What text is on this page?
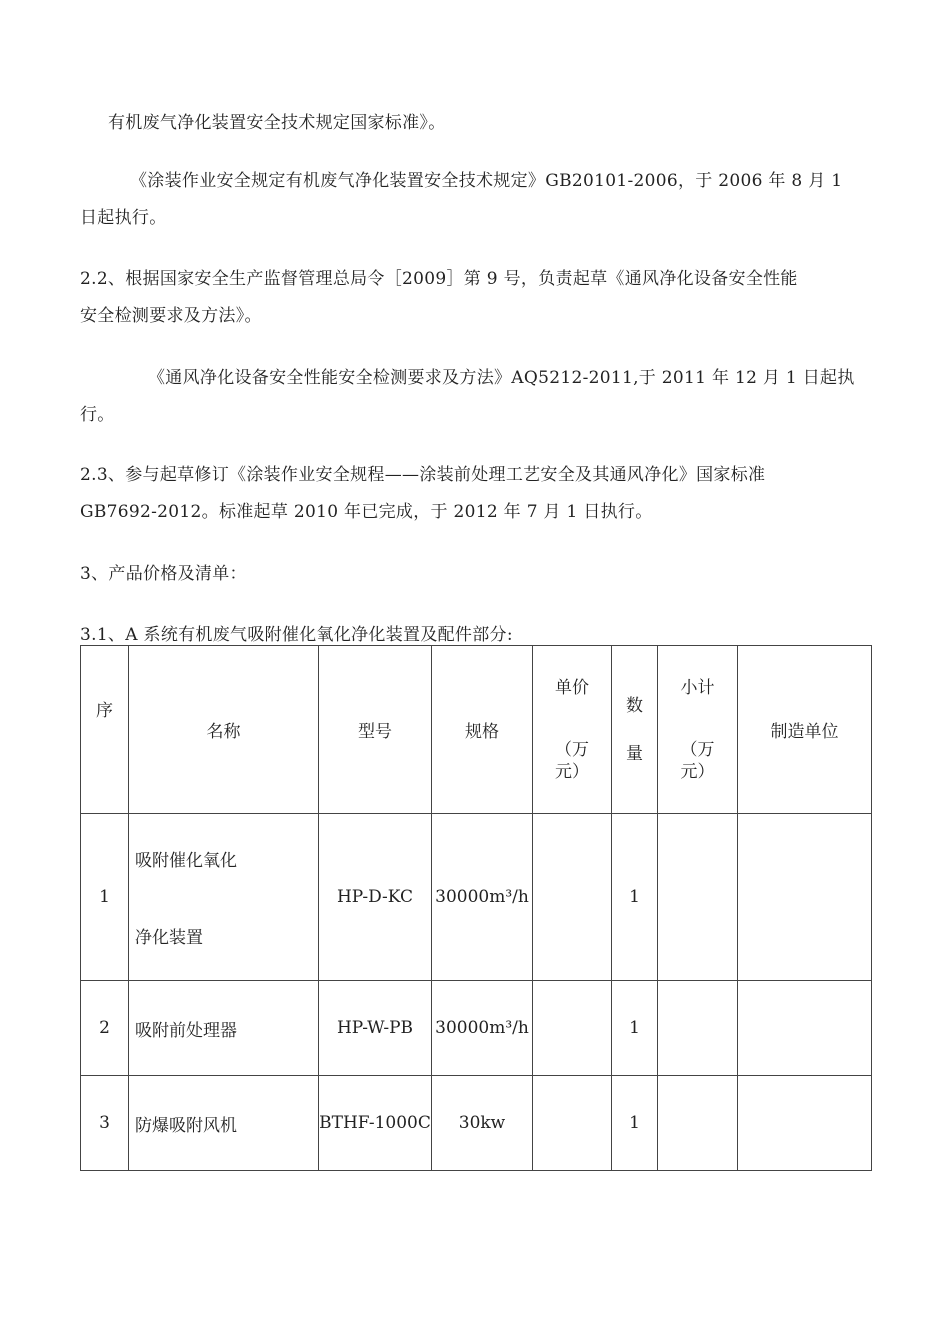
有机废气净化装置安全技术规定国家标准》。
《涂装作业安全规定有机废气净化装置安全技术规定》GB20101-2006，于 2006 年 8 月 1
日起执行。
2.2、根据国家安全生产监督管理总局令［2009］第 9 号，负责起草《通风净化设备安全性能
安全检测要求及方法》。
《通风净化设备安全性能安全检测要求及方法》AQ5212-2011,于 2011 年 12 月 1 日起执
行。
2.3、参与起草修订《涂装作业安全规程——涂装前处理工艺安全及其通风净化》国家标准
GB7692-2012。标准起草 2010 年已完成，于 2012 年 7 月 1 日执行。
3、产品价格及清单：
3.1、A 系统有机废气吸附催化氧化净化装置及配件部分:
序	名称	型号	规格	单价
（万
元）	数
量	小计
（万
元）	制造单位
1	吸附催化氧化
净化装置	HP-D-KC	30000m³/h		1		
2	吸附前处理器	HP-W-PB	30000m³/h		1		
3	防爆吸附风机	BTHF-1000C	30kw		1		
